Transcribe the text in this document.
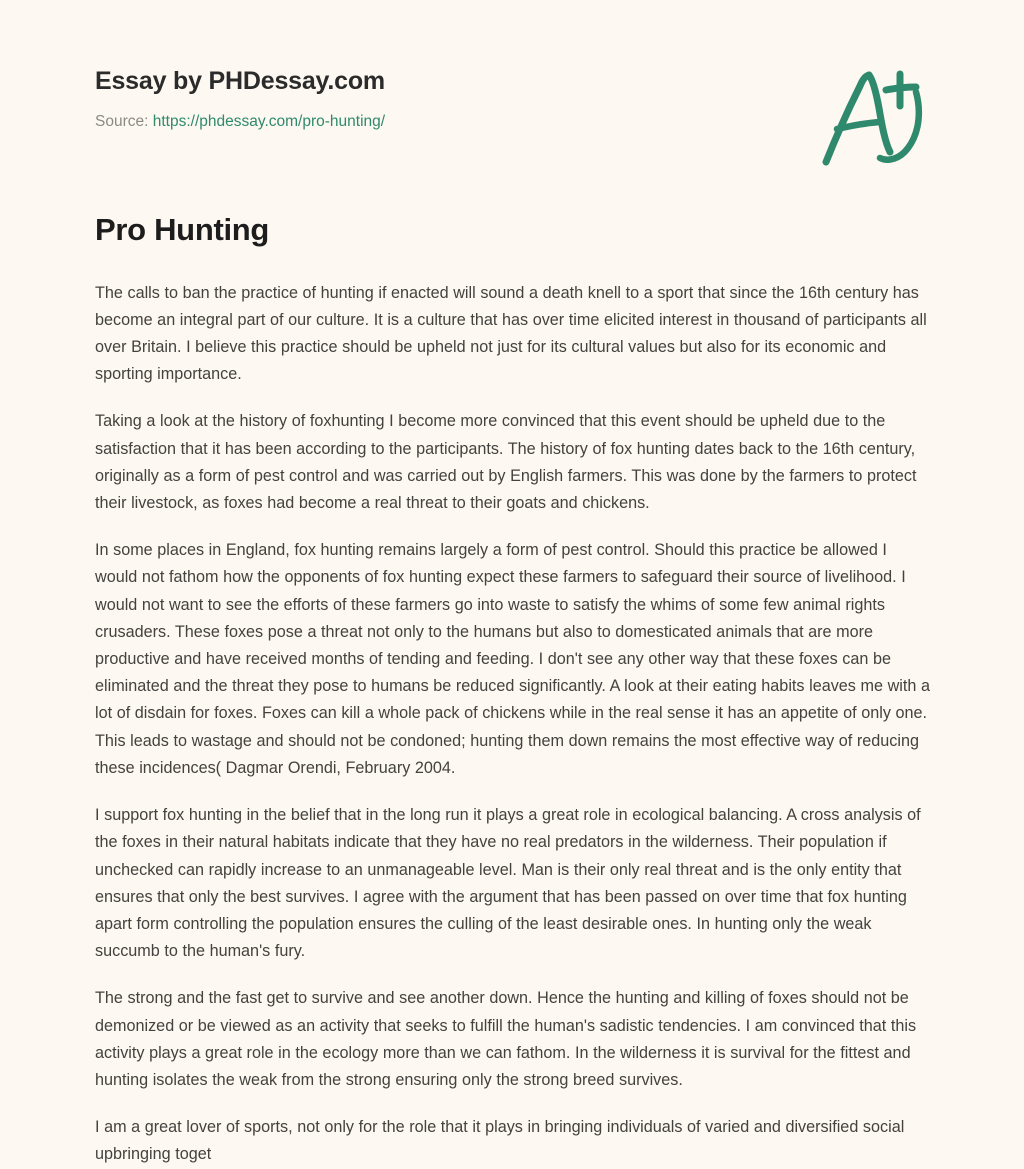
Essay by PHDessay.com
Source: https://phdessay.com/pro-hunting/
Pro Hunting

The calls to ban the practice of hunting if enacted will sound a death knell to a sport that since the 16th century has become an integral part of our culture. It is a culture that has over time elicited interest in thousand of participants all over Britain. I believe this practice should be upheld not just for its cultural values but also for its economic and sporting importance.

Taking a look at the history of foxhunting I become more convinced that this event should be upheld due to the satisfaction that it has been according to the participants. The history of fox hunting dates back to the 16th century, originally as a form of pest control and was carried out by English farmers. This was done by the farmers to protect their livestock, as foxes had become a real threat to their goats and chickens.

In some places in England, fox hunting remains largely a form of pest control. Should this practice be allowed I would not fathom how the opponents of fox hunting expect these farmers to safeguard their source of livelihood. I would not want to see the efforts of these farmers go into waste to satisfy the whims of some few animal rights crusaders. These foxes pose a threat not only to the humans but also to domesticated animals that are more productive and have received months of tending and feeding. I don't see any other way that these foxes can be eliminated and the threat they pose to humans be reduced significantly. A look at their eating habits leaves me with a lot of disdain for foxes. Foxes can kill a whole pack of chickens while in the real sense it has an appetite of only one. This leads to wastage and should not be condoned; hunting them down remains the most effective way of reducing these incidences( Dagmar Orendi, February 2004.

I support fox hunting in the belief that in the long run it plays a great role in ecological balancing. A cross analysis of the foxes in their natural habitats indicate that they have no real predators in the wilderness. Their population if unchecked can rapidly increase to an unmanageable level. Man is their only real threat and is the only entity that ensures that only the best survives. I agree with the argument that has been passed on over time that fox hunting apart form controlling the population ensures the culling of the least desirable ones. In hunting only the weak succumb to the human's fury.

The strong and the fast get to survive and see another down. Hence the hunting and killing of foxes should not be demonized or be viewed as an activity that seeks to fulfill the human's sadistic tendencies. I am convinced that this activity plays a great role in the ecology more than we can fathom. In the wilderness it is survival for the fittest and hunting isolates the weak from the strong ensuring only the strong breed survives.

I am a great lover of sports, not only for the role that it plays in bringing individuals of varied and diversified social upbringing toget
